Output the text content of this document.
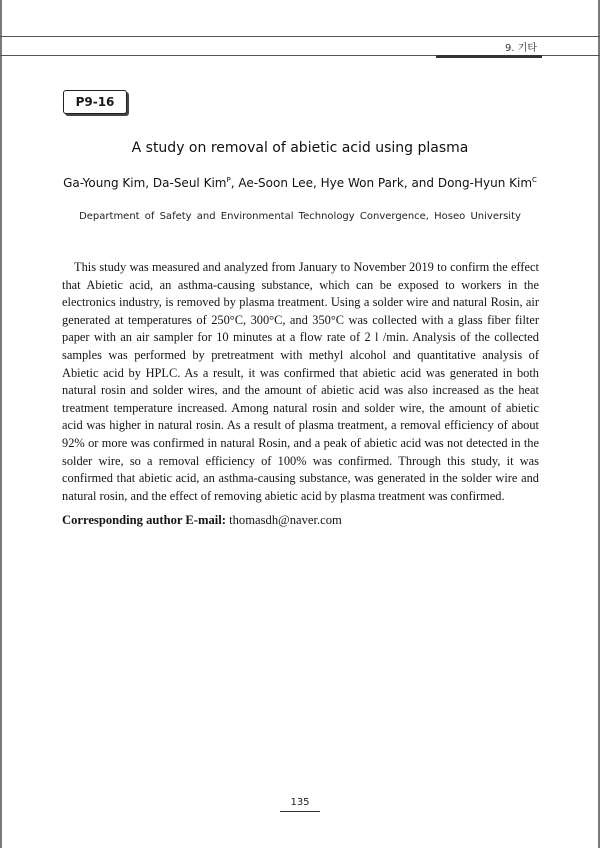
9. 기타
P9-16
A study on removal of abietic acid using plasma
Ga-Young Kim, Da-Seul Kim$^P$, Ae-Soon Lee, Hye Won Park, and Dong-Hyun Kim$^C$
Department of Safety and Environmental Technology Convergence, Hoseo University

This study was measured and analyzed from January to November 2019 to confirm the effect that Abietic acid, an asthma-causing substance, which can be exposed to workers in the electronics industry, is removed by plasma treatment. Using a solder wire and natural Rosin, air generated at temperatures of 250°C, 300°C, and 350°C was collected with a glass fiber filter paper with an air sampler for 10 minutes at a flow rate of 2 l /min. Analysis of the collected samples was performed by pretreatment with methyl alcohol and quantitative analysis of Abietic acid by HPLC. As a result, it was confirmed that abietic acid was generated in both natural rosin and solder wires, and the amount of abietic acid was also increased as the heat treatment temperature increased. Among natural rosin and solder wire, the amount of abietic acid was higher in natural rosin. As a result of plasma treatment, a removal efficiency of about 92% or more was confirmed in natural Rosin, and a peak of abietic acid was not detected in the solder wire, so a removal efficiency of 100% was confirmed. Through this study, it was confirmed that abietic acid, an asthma-causing substance, was generated in the solder wire and natural rosin, and the effect of removing abietic acid by plasma treatment was confirmed.

Corresponding author E-mail: thomasdh@naver.com
135
